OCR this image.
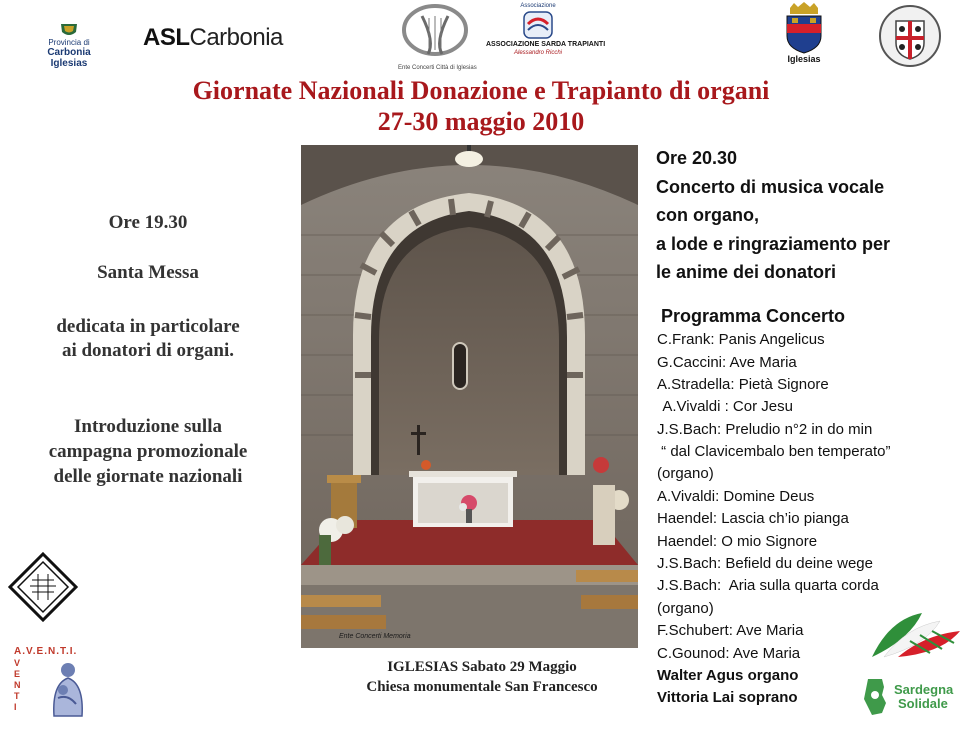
Provincia di
Carbonia Iglesias
ASLCarbonia
Ente Concerti Città di Iglesias
Associazione
ASSOCIAZIONE SARDA TRAPIANTI
Alessandro Ricchi
Iglesias
Giornate Nazionali Donazione e Trapianto di organi
27-30 maggio 2010
Ore 19.30
Santa Messa
dedicata in particolare
ai donatori di organi.
Introduzione sulla
campagna promozionale
delle giornate nazionali
Ente Concerti Memoria
IGLESIAS Sabato 29 Maggio
Chiesa monumentale San Francesco
Ore 20.30
Concerto di musica vocale
con organo,
a lode e ringraziamento per
le anime dei donatori
Programma Concerto
C.Frank: Panis Angelicus
G.Caccini: Ave Maria
A.Stradella: Pietà Signore
A.Vivaldi : Cor Jesu
J.S.Bach: Preludio n°2 in do min
“ dal Clavicembalo ben temperato”
(organo)
A.Vivaldi: Domine Deus
Haendel: Lascia ch’io pianga
Haendel: O mio Signore
J.S.Bach: Befield du deine wege
J.S.Bach:  Aria sulla quarta corda
(organo)
F.Schubert: Ave Maria
C.Gounod: Ave Maria
Walter Agus organo
Vittoria Lai soprano
A.V.E.N.T.I.
V
E
N
T
I
Sardegna
Solidale
